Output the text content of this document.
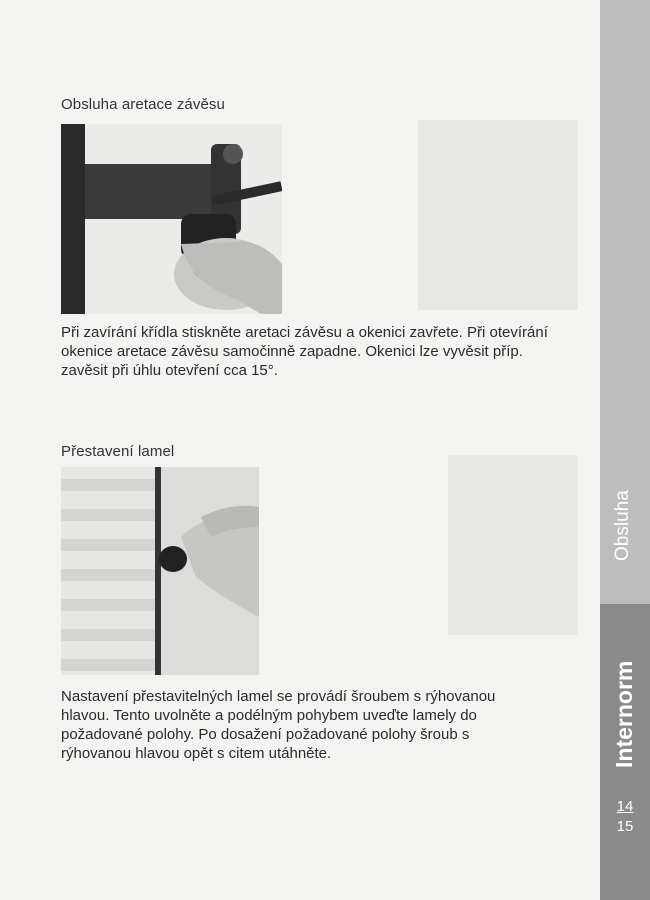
Obsluha aretace závěsu
Při zavírání křídla stiskněte aretaci závěsu a okenici zavřete. Při otevírání okenice aretace závěsu samočinně zapadne. Okenici lze vyvěsit příp. zavěsit při úhlu otevření cca 15°.
Přestavení lamel
Nastavení přestavitelných lamel se provádí šroubem s rýhovanou hlavou. Tento uvolněte a podélným pohybem uveďte lamely do požadované polohy. Po dosažení požadované polohy šroub s rýhovanou hlavou opět s citem utáhněte.
Obsluha
Internorm
14
15
